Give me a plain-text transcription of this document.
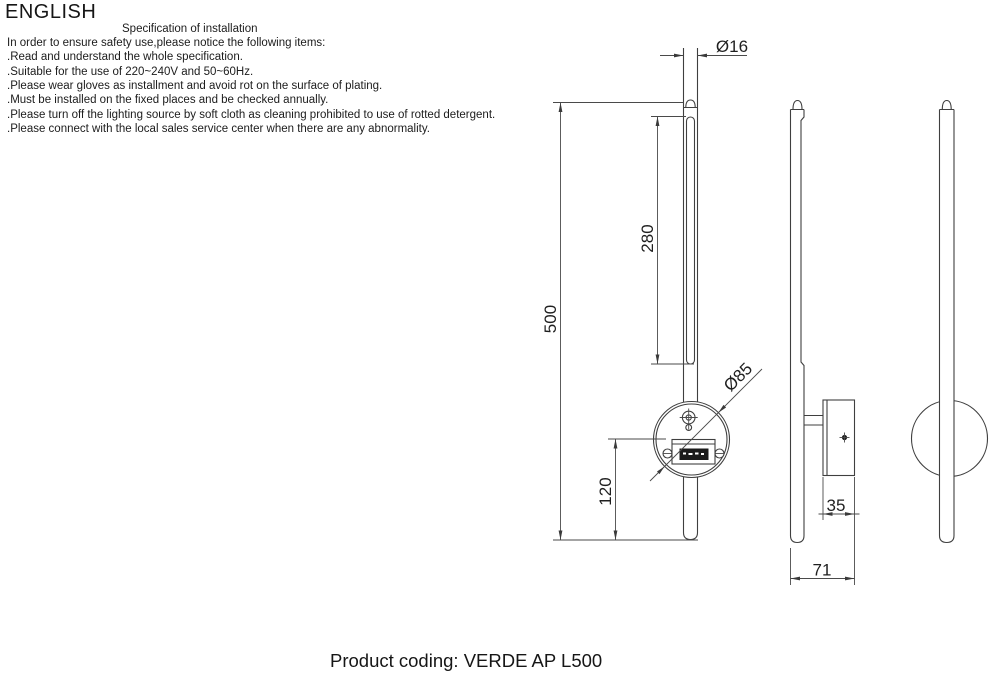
ENGLISH
Specification of installation
In order to ensure safety use,please notice the following items:
.Read and understand the whole specification.
.Suitable for the use of 220~240V and 50~60Hz.
.Please wear gloves as installment and avoid rot on the surface of plating.
.Must be installed on the fixed places and be checked annually.
.Please turn off the lighting source by soft cloth as cleaning prohibited to use of rotted detergent.
.Please connect with the local sales service center when there are any abnormality.
Ø16
500
280
120
Ø85
35
71
Product coding: VERDE AP L500
